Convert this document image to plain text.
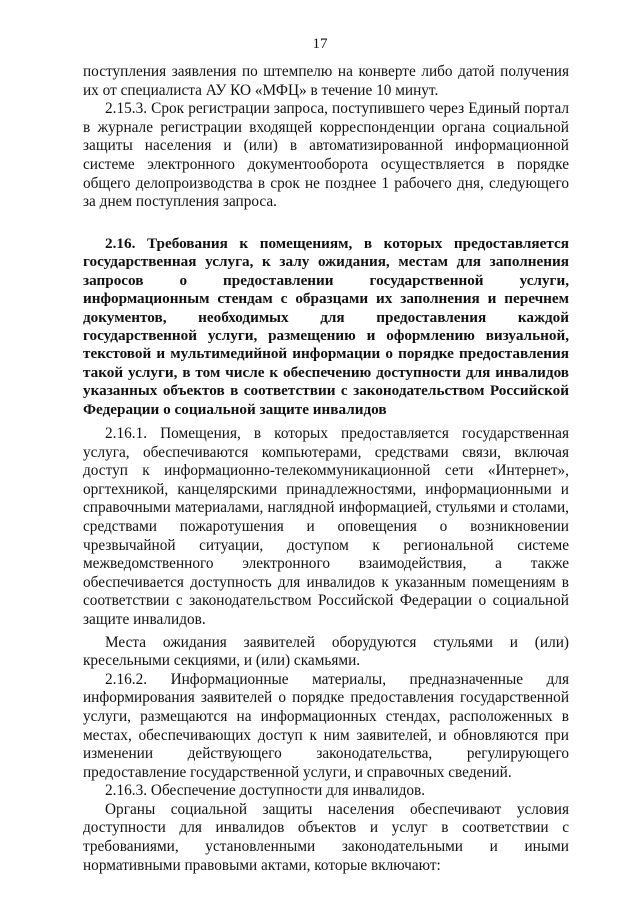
17

поступления заявления по штемпелю на конверте либо датой получения их от специалиста АУ КО «МФЦ» в течение 10 минут.

2.15.3. Срок регистрации запроса, поступившего через Единый портал в журнале регистрации входящей корреспонденции органа социальной защиты населения и (или) в автоматизированной информационной системе электронного документооборота осуществляется в порядке общего делопроизводства в срок не позднее 1 рабочего дня, следующего за днем поступления запроса.

2.16. Требования к помещениям, в которых предоставляется государственная услуга, к залу ожидания, местам для заполнения запросов о предоставлении государственной услуги, информационным стендам с образцами их заполнения и перечнем документов, необходимых для предоставления каждой государственной услуги, размещению и оформлению визуальной, текстовой и мультимедийной информации о порядке предоставления такой услуги, в том числе к обеспечению доступности для инвалидов указанных объектов в соответствии с законодательством Российской Федерации о социальной защите инвалидов

2.16.1. Помещения, в которых предоставляется государственная услуга, обеспечиваются компьютерами, средствами связи, включая доступ к информационно-телекоммуникационной сети «Интернет», оргтехникой, канцелярскими принадлежностями, информационными и справочными материалами, наглядной информацией, стульями и столами, средствами пожаротушения и оповещения о возникновении чрезвычайной ситуации, доступом к региональной системе межведомственного электронного взаимодействия, а также обеспечивается доступность для инвалидов к указанным помещениям в соответствии с законодательством Российской Федерации о социальной защите инвалидов.

Места ожидания заявителей оборудуются стульями и (или) кресельными секциями, и (или) скамьями.

2.16.2. Информационные материалы, предназначенные для информирования заявителей о порядке предоставления государственной услуги, размещаются на информационных стендах, расположенных в местах, обеспечивающих доступ к ним заявителей, и обновляются при изменении действующего законодательства, регулирующего предоставление государственной услуги, и справочных сведений.

2.16.3. Обеспечение доступности для инвалидов.

Органы социальной защиты населения обеспечивают условия доступности для инвалидов объектов и услуг в соответствии с требованиями, установленными законодательными и иными нормативными правовыми актами, которые включают:
